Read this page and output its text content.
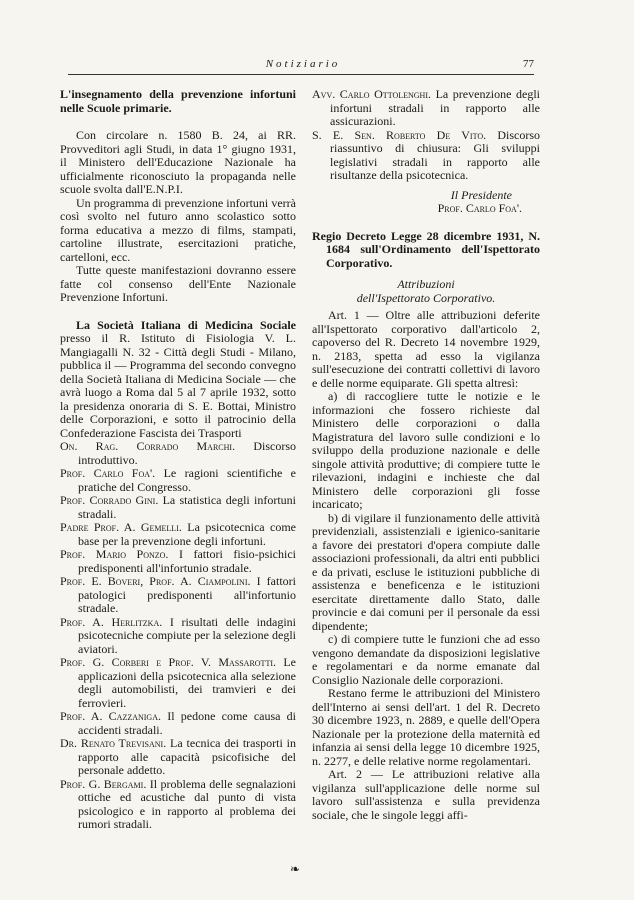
Notiziario	77

L'insegnamento della prevenzione infortuni nelle Scuole primarie.

Con circolare n. 1580 B. 24, ai RR. Provveditori agli Studi, in data 1° giugno 1931, il Ministero dell'Educazione Nazionale ha ufficialmente riconosciuto la propaganda nelle scuole svolta dall'E.N.P.I.

Un programma di prevenzione infortuni verrà così svolto nel futuro anno scolastico sotto forma educativa a mezzo di films, stampati, cartoline illustrate, esercitazioni pratiche, cartelloni, ecc.

Tutte queste manifestazioni dovranno essere fatte col consenso dell'Ente Nazionale Prevenzione Infortuni.

La Società Italiana di Medicina Sociale presso il R. Istituto di Fisiologia V. L. Mangiagalli N. 32 - Città degli Studi - Milano, pubblica il — Programma del secondo convegno della Società Italiana di Medicina Sociale — che avrà luogo a Roma dal 5 al 7 aprile 1932, sotto la presidenza onoraria di S. E. Bottai, Ministro delle Corporazioni, e sotto il patrocinio della Confederazione Fascista dei Trasporti

On. Rag. Corrado Marchi. Discorso introduttivo.

Prof. Carlo Foa'. Le ragioni scientifiche e pratiche del Congresso.

Prof. Corrado Gini. La statistica degli infortuni stradali.

Padre Prof. A. Gemelli. La psicotecnica come base per la prevenzione degli infortuni.

Prof. Mario Ponzo. I fattori fisio-psichici predisponenti all'infortunio stradale.

Prof. E. Boveri, Prof. A. Ciampolini. I fattori patologici predisponenti all'infortunio stradale.

Prof. A. Herlitzka. I risultati delle indagini psicotecniche compiute per la selezione degli aviatori.

Prof. G. Corberi e Prof. V. Massarotti. Le applicazioni della psicotecnica alla selezione degli automobilisti, dei tramvieri e dei ferrovieri.

Prof. A. Cazzaniga. Il pedone come causa di accidenti stradali.

Dr. Renato Trevisani. La tecnica dei trasporti in rapporto alle capacità psicofisiche del personale addetto.

Prof. G. Bergami. Il problema delle segnalazioni ottiche ed acustiche dal punto di vista psicologico e in rapporto al problema dei rumori stradali.

Avv. Carlo Ottolenghi. La prevenzione degli infortuni stradali in rapporto alle assicurazioni.

S. E. Sen. Roberto De Vito. Discorso riassuntivo di chiusura: Gli sviluppi legislativi stradali in rapporto alle risultanze della psicotecnica.

Il Presidente

Prof. Carlo Foa'.

Regio Decreto Legge 28 dicembre 1931, N. 1684 sull'Ordinamento dell'Ispettorato Corporativo.

Attribuzioni

dell'Ispettorato Corporativo.

Art. 1 — Oltre alle attribuzioni deferite all'Ispettorato corporativo dall'articolo 2, capoverso del R. Decreto 14 novembre 1929, n. 2183, spetta ad esso la vigilanza sull'esecuzione dei contratti collettivi di lavoro e delle norme equiparate. Gli spetta altresì:

a) di raccogliere tutte le notizie e le informazioni che fossero richieste dal Ministero delle corporazioni o dalla Magistratura del lavoro sulle condizioni e lo sviluppo della produzione nazionale e delle singole attività produttive; di compiere tutte le rilevazioni, indagini e inchieste che dal Ministero delle corporazioni gli fosse incaricato;

b) di vigilare il funzionamento delle attività previdenziali, assistenziali e igienico-sanitarie a favore dei prestatori d'opera compiute dalle associazioni professionali, da altri enti pubblici e da privati, escluse le istituzioni pubbliche di assistenza e beneficenza e le istituzioni esercitate direttamente dallo Stato, dalle provincie e dai comuni per il personale da essi dipendente;

c) di compiere tutte le funzioni che ad esso vengono demandate da disposizioni legislative e regolamentari e da norme emanate dal Consiglio Nazionale delle corporazioni.

Restano ferme le attribuzioni del Ministero dell'Interno ai sensi dell'art. 1 del R. Decreto 30 dicembre 1923, n. 2889, e quelle dell'Opera Nazionale per la protezione della maternità ed infanzia ai sensi della legge 10 dicembre 1925, n. 2277, e delle relative norme regolamentari.

Art. 2 — Le attribuzioni relative alla vigilanza sull'applicazione delle norme sul lavoro sull'assistenza e sulla previdenza sociale, che le singole leggi affi-

❧
